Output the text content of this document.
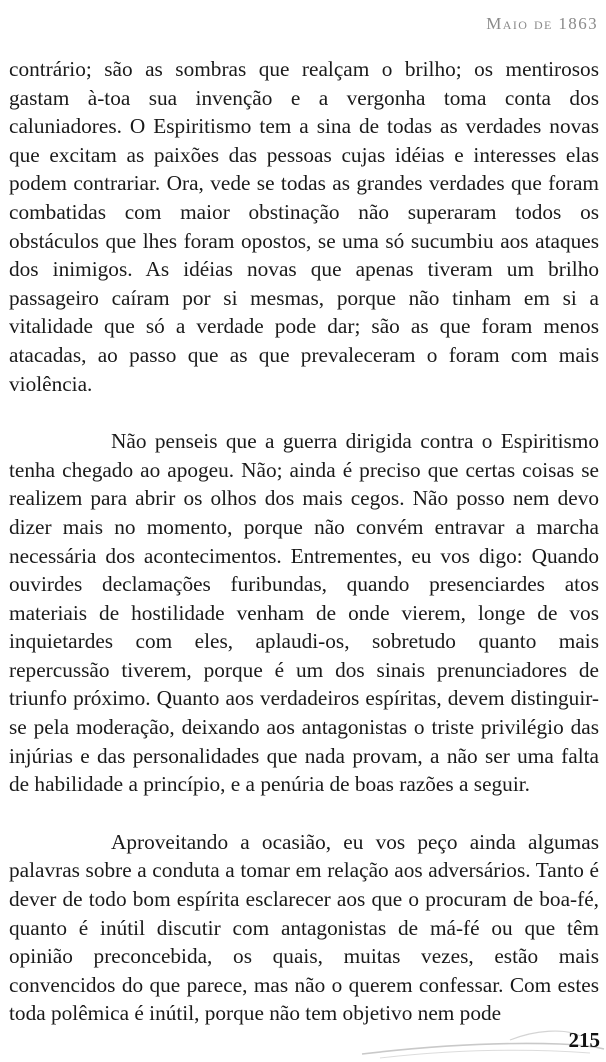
Maio de 1863

contrário; são as sombras que realçam o brilho; os mentirosos gastam à-toa sua invenção e a vergonha toma conta dos caluniadores. O Espiritismo tem a sina de todas as verdades novas que excitam as paixões das pessoas cujas idéias e interesses elas podem contrariar. Ora, vede se todas as grandes verdades que foram combatidas com maior obstinação não superaram todos os obstáculos que lhes foram opostos, se uma só sucumbiu aos ataques dos inimigos. As idéias novas que apenas tiveram um brilho passageiro caíram por si mesmas, porque não tinham em si a vitalidade que só a verdade pode dar; são as que foram menos atacadas, ao passo que as que prevaleceram o foram com mais violência.

Não penseis que a guerra dirigida contra o Espiritismo tenha chegado ao apogeu. Não; ainda é preciso que certas coisas se realizem para abrir os olhos dos mais cegos. Não posso nem devo dizer mais no momento, porque não convém entravar a marcha necessária dos acontecimentos. Entrementes, eu vos digo: Quando ouvirdes declamações furibundas, quando presenciardes atos materiais de hostilidade venham de onde vierem, longe de vos inquietardes com eles, aplaudi-os, sobretudo quanto mais repercussão tiverem, porque é um dos sinais prenunciadores de triunfo próximo. Quanto aos verdadeiros espíritas, devem distinguir-se pela moderação, deixando aos antagonistas o triste privilégio das injúrias e das personalidades que nada provam, a não ser uma falta de habilidade a princípio, e a penúria de boas razões a seguir.

Aproveitando a ocasião, eu vos peço ainda algumas palavras sobre a conduta a tomar em relação aos adversários. Tanto é dever de todo bom espírita esclarecer aos que o procuram de boa-fé, quanto é inútil discutir com antagonistas de má-fé ou que têm opinião preconcebida, os quais, muitas vezes, estão mais convencidos do que parece, mas não o querem confessar. Com estes toda polêmica é inútil, porque não tem objetivo nem pode

215
